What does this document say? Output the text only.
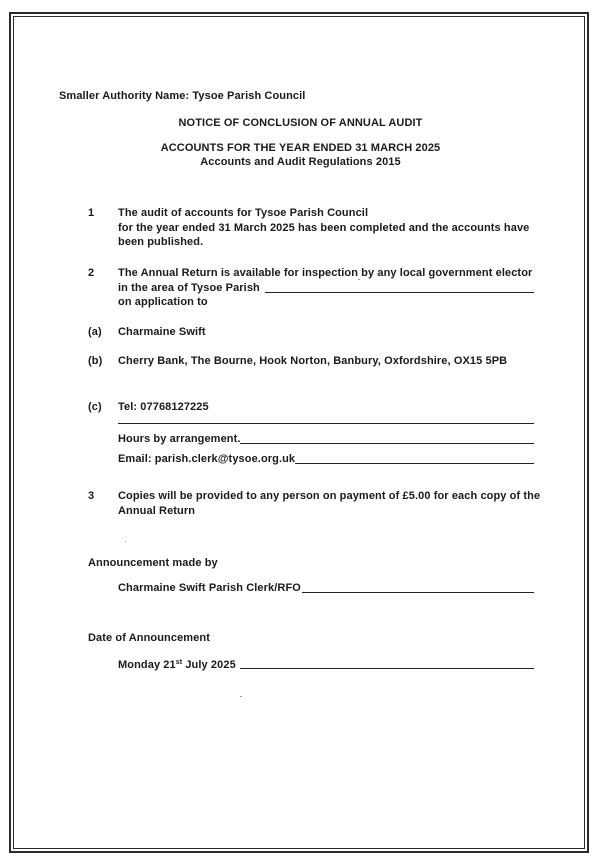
Smaller Authority Name: Tysoe Parish Council
NOTICE OF CONCLUSION OF ANNUAL AUDIT
ACCOUNTS FOR THE YEAR ENDED 31 MARCH 2025
Accounts and Audit Regulations 2015
1 The audit of accounts for Tysoe Parish Council
for the year ended 31 March 2025 has been completed and the accounts have
been published.
2 The Annual Return is available for inspection by any local government elector
in the area of Tysoe Parish
on application to
(a) Charmaine Swift
(b) Cherry Bank, The Bourne, Hook Norton, Banbury, Oxfordshire, OX15 5PB
(c) Tel: 07768127225
Hours by arrangement.
Email: parish.clerk@tysoe.org.uk
3 Copies will be provided to any person on payment of £5.00 for each copy of the
Annual Return
Announcement made by
Charmaine Swift Parish Clerk/RFO
Date of Announcement
Monday 21st July 2025
